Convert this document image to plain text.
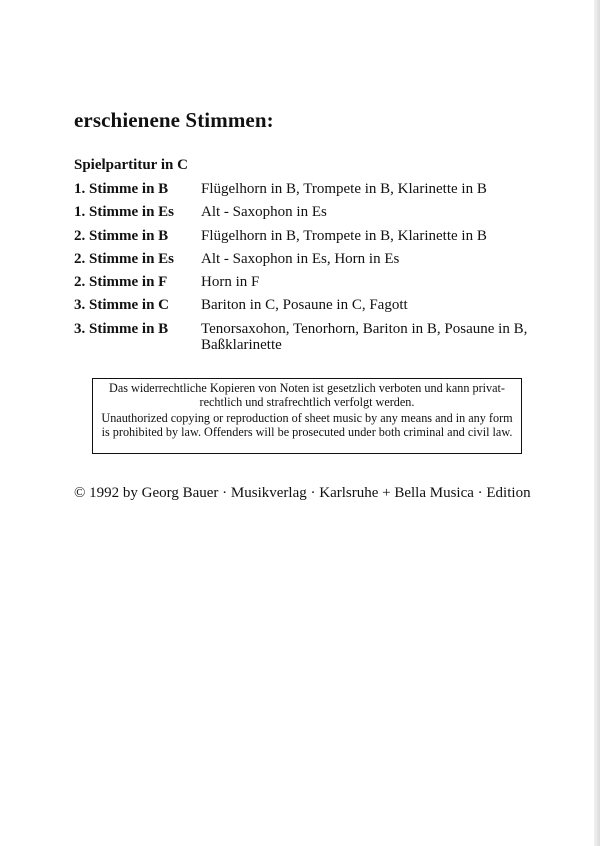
erschienene Stimmen:
Spielpartitur in C
1. Stimme in B	Flügelhorn in B, Trompete in B, Klarinette in B
1. Stimme in Es	Alt - Saxophon in Es
2. Stimme in B	Flügelhorn in B, Trompete in B, Klarinette in B
2. Stimme in Es	Alt - Saxophon in Es, Horn in Es
2. Stimme in F	Horn in F
3. Stimme in C	Bariton in C, Posaune in C, Fagott
3. Stimme in B	Tenorsaxohon, Tenorhorn, Bariton in B, Posaune in B, Baßklarinette

Das widerrechtliche Kopieren von Noten ist gesetzlich verboten und kann privat-rechtlich und strafrechtlich verfolgt werden.

Unauthorized copying or reproduction of sheet music by any means and in any form is prohibited by law. Offenders will be prosecuted under both criminal and civil law.

© 1992 by Georg Bauer · Musikverlag · Karlsruhe + Bella Musica · Edition
